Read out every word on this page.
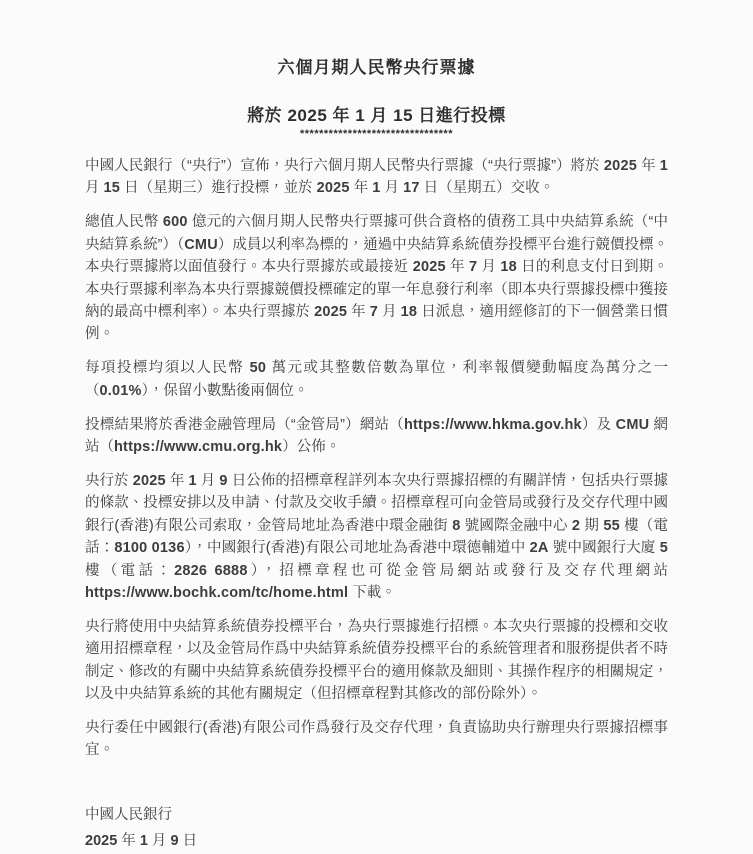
六個月期人民幣央行票據
將於 2025 年 1 月 15 日進行投標
********************************

中國人民銀行（“央行”）宣佈，央行六個月期人民幣央行票據（“央行票據”）將於 2025 年 1 月 15 日（星期三）進行投標，並於 2025 年 1 月 17 日（星期五）交收。

總值人民幣 600 億元的六個月期人民幣央行票據可供合資格的債務工具中央結算系統（“中央結算系統”）（CMU）成員以利率為標的，通過中央結算系統債券投標平台進行競價投標。本央行票據將以面值發行。本央行票據於或最接近 2025 年 7 月 18 日的利息支付日到期。本央行票據利率為本央行票據競價投標確定的單一年息發行利率（即本央行票據投標中獲接納的最高中標利率）。本央行票據於 2025 年 7 月 18 日派息，適用經修訂的下一個營業日慣例。

每項投標均須以人民幣 50 萬元或其整數倍數為單位，利率報價變動幅度為萬分之一（0.01%），保留小數點後兩個位。

投標結果將於香港金融管理局（“金管局”）網站（https://www.hkma.gov.hk）及 CMU 網站（https://www.cmu.org.hk）公佈。

央行於 2025 年 1 月 9 日公佈的招標章程詳列本次央行票據招標的有關詳情，包括央行票據的條款、投標安排以及申請、付款及交收手續。招標章程可向金管局或發行及交存代理中國銀行(香港)有限公司索取，金管局地址為香港中環金融街 8 號國際金融中心 2 期 55 樓（電話：8100 0136），中國銀行(香港)有限公司地址為香港中環德輔道中 2A 號中國銀行大廈 5 樓（電話：2826 6888），招標章程也可從金管局網站或發行及交存代理網站 https://www.bochk.com/tc/home.html 下載。

央行將使用中央結算系統債券投標平台，為央行票據進行招標。本次央行票據的投標和交收適用招標章程，以及金管局作爲中央結算系統債券投標平台的系統管理者和服務提供者不時制定、修改的有關中央結算系統債券投標平台的適用條款及細則、其操作程序的相關規定，以及中央結算系統的其他有關規定（但招標章程對其修改的部份除外）。

央行委任中國銀行(香港)有限公司作爲發行及交存代理，負責協助央行辦理央行票據招標事宜。

中國人民銀行

2025 年 1 月 9 日
